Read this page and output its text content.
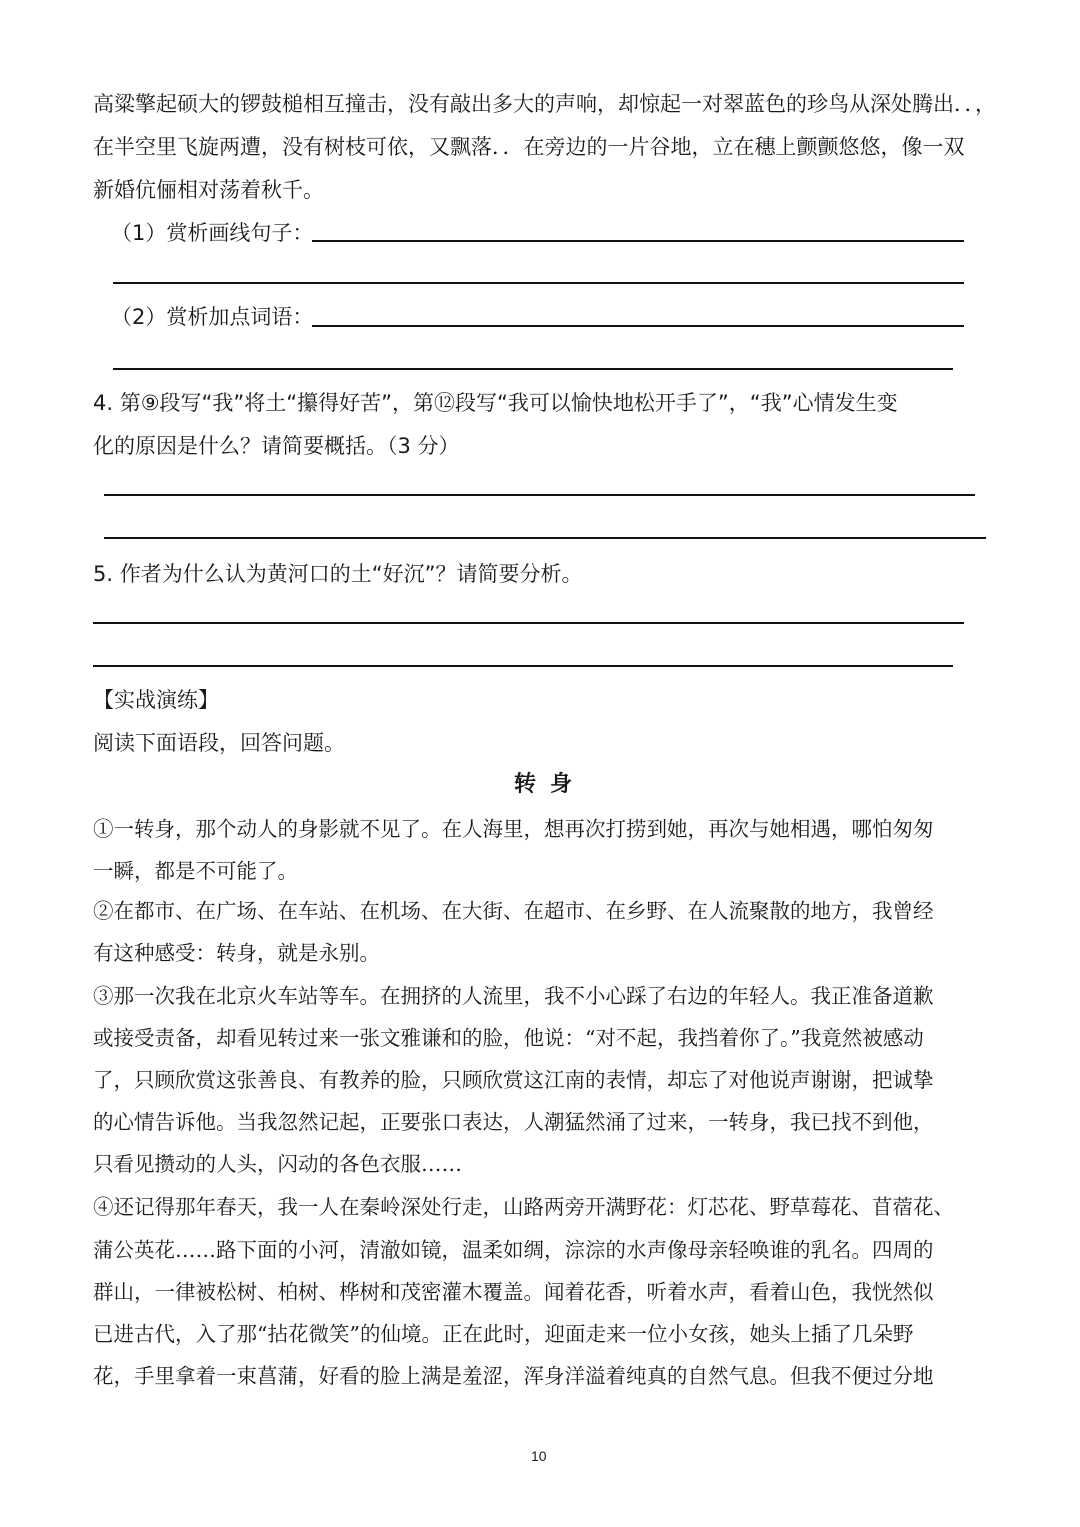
高粱擎起硕大的锣鼓槌相互撞击，没有敲出多大的声响，却惊起一对翠蓝色的珍鸟从深处腾出．．，
在半空里飞旋两遭，没有树枝可依，又飘落．．在旁边的一片谷地，立在穗上颤颤悠悠，像一双
新婚伉俪相对荡着秋千。
（1）赏析画线句子：
（2）赏析加点词语：
4. 第⑨段写“我”将土“攥得好苦”，第⑫段写“我可以愉快地松开手了”，“我”心情发生变
化的原因是什么？请简要概括。（3 分）
5. 作者为什么认为黄河口的土“好沉”？请简要分析。
【实战演练】
阅读下面语段，回答问题。
转身
①一转身，那个动人的身影就不见了。在人海里，想再次打捞到她，再次与她相遇，哪怕匆匆
一瞬，都是不可能了。
②在都市、在广场、在车站、在机场、在大街、在超市、在乡野、在人流聚散的地方，我曾经
有这种感受：转身，就是永别。
③那一次我在北京火车站等车。在拥挤的人流里，我不小心踩了右边的年轻人。我正准备道歉
或接受责备，却看见转过来一张文雅谦和的脸，他说：“对不起，我挡着你了。”我竟然被感动
了，只顾欣赏这张善良、有教养的脸，只顾欣赏这江南的表情，却忘了对他说声谢谢，把诚挚
的心情告诉他。当我忽然记起，正要张口表达，人潮猛然涌了过来，一转身，我已找不到他，
只看见攒动的人头，闪动的各色衣服……
④还记得那年春天，我一人在秦岭深处行走，山路两旁开满野花：灯芯花、野草莓花、苜蓿花、
蒲公英花……路下面的小河，清澈如镜，温柔如绸，淙淙的水声像母亲轻唤谁的乳名。四周的
群山，一律被松树、柏树、桦树和茂密灌木覆盖。闻着花香，听着水声，看着山色，我恍然似
已进古代，入了那“拈花微笑”的仙境。正在此时，迎面走来一位小女孩，她头上插了几朵野
花，手里拿着一束菖蒲，好看的脸上满是羞涩，浑身洋溢着纯真的自然气息。但我不便过分地
10
